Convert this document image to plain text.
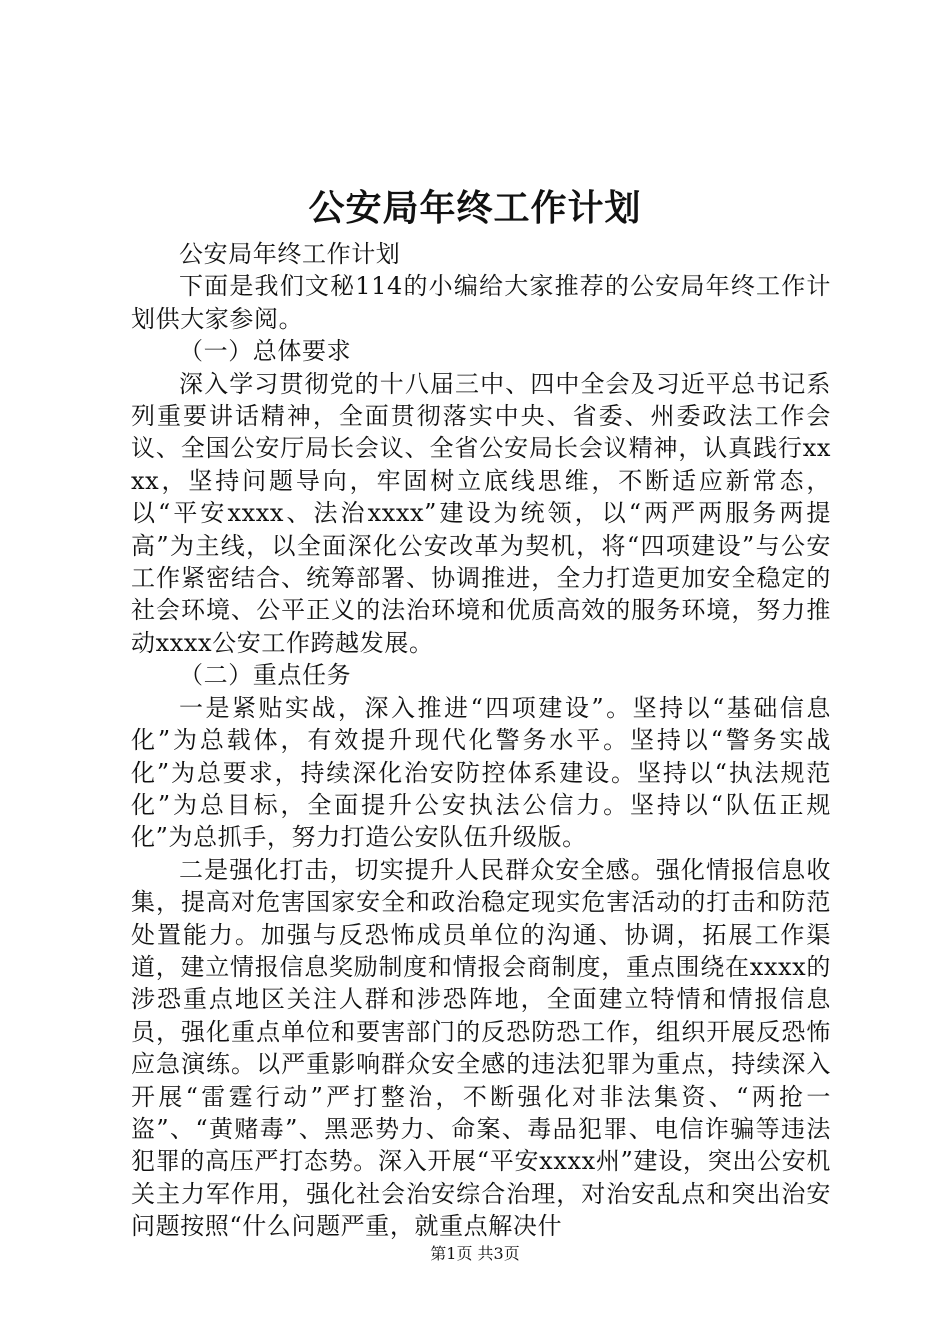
公安局年终工作计划

公安局年终工作计划

下面是我们文秘114的小编给大家推荐的公安局年终工作计划供大家参阅。

（一）总体要求

深入学习贯彻党的十八届三中、四中全会及习近平总书记系列重要讲话精神，全面贯彻落实中央、省委、州委政法工作会议、全国公安厅局长会议、全省公安局长会议精神，认真践行xxxx，坚持问题导向，牢固树立底线思维，不断适应新常态，以“平安xxxx、法治xxxx”建设为统领，以“两严两服务两提高”为主线，以全面深化公安改革为契机，将“四项建设”与公安工作紧密结合、统筹部署、协调推进，全力打造更加安全稳定的社会环境、公平正义的法治环境和优质高效的服务环境，努力推动xxxx公安工作跨越发展。

（二）重点任务

一是紧贴实战，深入推进“四项建设”。坚持以“基础信息化”为总载体，有效提升现代化警务水平。坚持以“警务实战化”为总要求，持续深化治安防控体系建设。坚持以“执法规范化”为总目标，全面提升公安执法公信力。坚持以“队伍正规化”为总抓手，努力打造公安队伍升级版。

二是强化打击，切实提升人民群众安全感。强化情报信息收集，提高对危害国家安全和政治稳定现实危害活动的打击和防范处置能力。加强与反恐怖成员单位的沟通、协调，拓展工作渠道，建立情报信息奖励制度和情报会商制度，重点围绕在xxxx的涉恐重点地区关注人群和涉恐阵地，全面建立特情和情报信息员，强化重点单位和要害部门的反恐防恐工作，组织开展反恐怖应急演练。以严重影响群众安全感的违法犯罪为重点，持续深入开展“雷霆行动”严打整治，不断强化对非法集资、“两抢一盗”、“黄赌毒”、黑恶势力、命案、毒品犯罪、电信诈骗等违法犯罪的高压严打态势。深入开展“平安xxxx州”建设，突出公安机关主力军作用，强化社会治安综合治理，对治安乱点和突出治安问题按照“什么问题严重，就重点解决什

第1页 共3页
